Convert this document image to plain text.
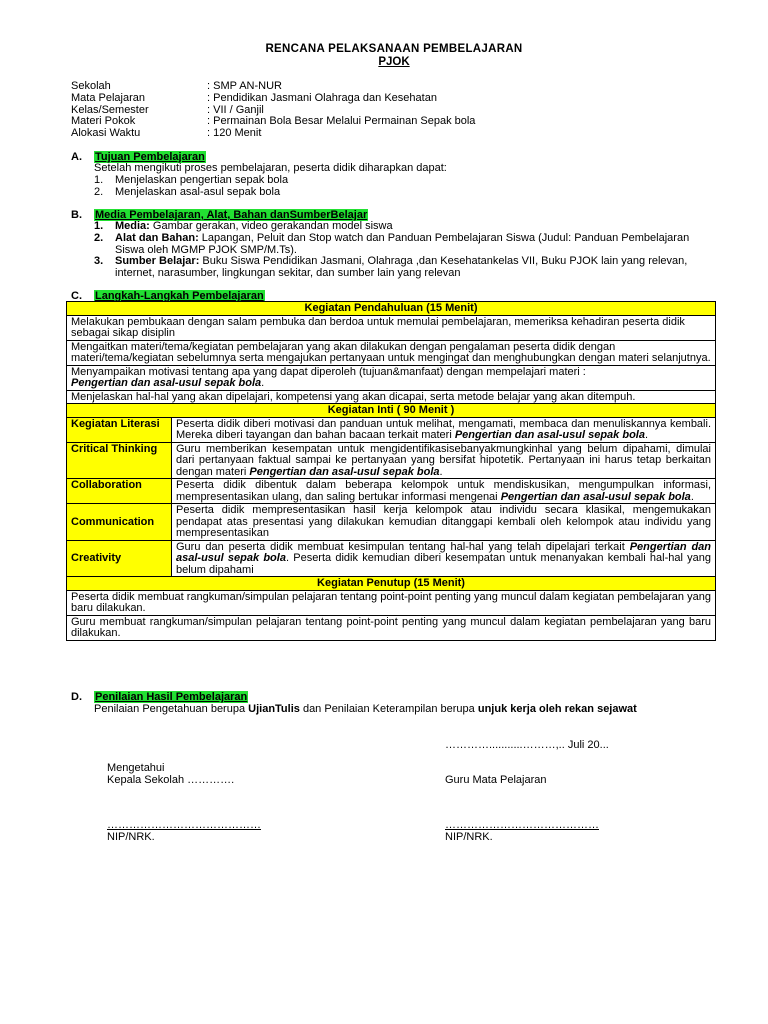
RENCANA PELAKSANAAN PEMBELAJARAN
PJOK
Sekolah	: SMP AN-NUR
Mata Pelajaran	: Pendidikan Jasmani Olahraga dan Kesehatan
Kelas/Semester	: VII / Ganjil
Materi Pokok	: Permainan Bola Besar Melalui Permainan Sepak bola
Alokasi Waktu	: 120 Menit
A. Tujuan Pembelajaran
Setelah mengikuti proses pembelajaran, peserta didik diharapkan dapat:
1.	Menjelaskan pengertian sepak bola
2.	Menjelaskan asal-asul sepak bola
B. Media Pembelajaran, Alat, Bahan danSumberBelajar
1.	Media: Gambar gerakan, video gerakandan model siswa
2.	Alat dan Bahan: Lapangan, Peluit dan Stop watch dan Panduan Pembelajaran Siswa (Judul: Panduan Pembelajaran Siswa oleh MGMP PJOK SMP/M.Ts).
3.	Sumber Belajar: Buku Siswa Pendidikan Jasmani, Olahraga ,dan Kesehatankelas VII, Buku PJOK lain yang relevan, internet, narasumber, lingkungan sekitar, dan sumber lain yang relevan
C. Langkah-Langkah Pembelajaran
Kegiatan Pendahuluan (15 Menit)	
Melakukan pembukaan dengan salam pembuka dan berdoa untuk memulai pembelajaran, memeriksa kehadiran peserta didik sebagai sikap disiplin	
Mengaitkan materi/tema/kegiatan pembelajaran yang akan dilakukan dengan pengalaman peserta didik dengan materi/tema/kegiatan sebelumnya serta mengajukan pertanyaan untuk mengingat dan menghubungkan dengan materi selanjutnya.	
Menyampaikan motivasi tentang apa yang dapat diperoleh (tujuan&manfaat) dengan mempelajari materi :
Pengertian dan asal-usul sepak bola.	
Menjelaskan hal-hal yang akan dipelajari, kompetensi yang akan dicapai, serta metode belajar yang akan ditempuh.	
Kegiatan Inti ( 90 Menit )	
Kegiatan Literasi	Peserta didik diberi motivasi dan panduan untuk melihat, mengamati, membaca dan menuliskannya kembali. Mereka diberi tayangan dan bahan bacaan terkait materi Pengertian dan asal-usul sepak bola.
Critical Thinking	Guru memberikan kesempatan untuk mengidentifikasisebanyakmungkinhal yang belum dipahami, dimulai dari pertanyaan faktual sampai ke pertanyaan yang bersifat hipotetik. Pertanyaan ini harus tetap berkaitan dengan materi Pengertian dan asal-usul sepak bola.
Collaboration	Peserta didik dibentuk dalam beberapa kelompok untuk mendiskusikan, mengumpulkan informasi, mempresentasikan ulang, dan saling bertukar informasi mengenai Pengertian dan asal-usul sepak bola.
Communication	Peserta didik mempresentasikan hasil kerja kelompok atau individu secara klasikal, mengemukakan pendapat atas presentasi yang dilakukan kemudian ditanggapi kembali oleh kelompok atau individu yang mempresentasikan
Creativity	Guru dan peserta didik membuat kesimpulan tentang hal-hal yang telah dipelajari terkait Pengertian dan asal-usul sepak bola. Peserta didik kemudian diberi kesempatan untuk menanyakan kembali hal-hal yang belum dipahami
Kegiatan Penutup (15 Menit)	
Peserta didik membuat rangkuman/simpulan pelajaran tentang point-point penting yang muncul dalam kegiatan pembelajaran yang baru dilakukan.	
Guru membuat rangkuman/simpulan pelajaran tentang point-point penting yang muncul dalam kegiatan pembelajaran yang baru dilakukan.	
D. Penilaian Hasil Pembelajaran
Penilaian Pengetahuan berupa UjianTulis dan Penilaian Keterampilan berupa unjuk kerja oleh rekan sejawat
…………...........………,.. Juli 20...
Mengetahui
Kepala Sekolah ………….	Guru Mata Pelajaran
……………………………………	……………………………………
NIP/NRK.	NIP/NRK.
